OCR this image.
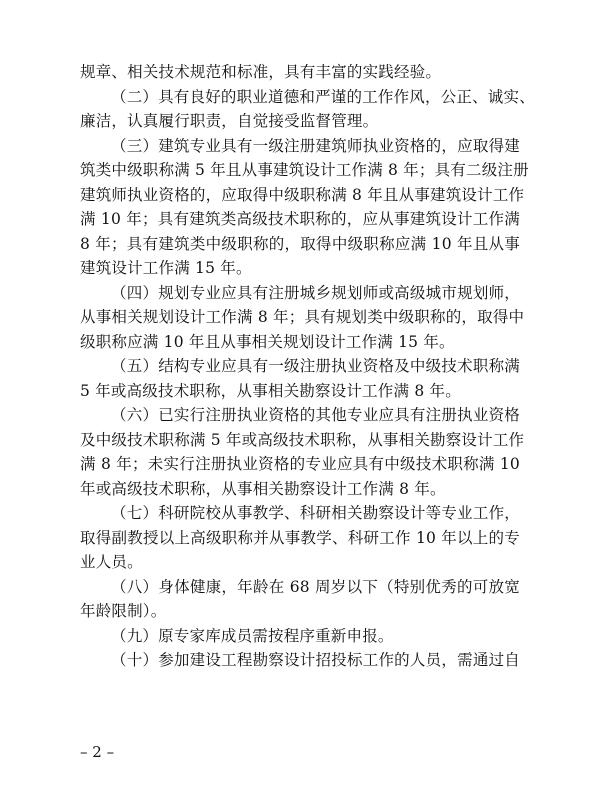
规章、相关技术规范和标准，具有丰富的实践经验。
（二）具有良好的职业道德和严谨的工作作风，公正、诚实、
廉洁，认真履行职责，自觉接受监督管理。
（三）建筑专业具有一级注册建筑师执业资格的，应取得建
筑类中级职称满 5 年且从事建筑设计工作满 8 年；具有二级注册
建筑师执业资格的，应取得中级职称满 8 年且从事建筑设计工作
满 10 年；具有建筑类高级技术职称的，应从事建筑设计工作满
8 年；具有建筑类中级职称的，取得中级职称应满 10 年且从事
建筑设计工作满 15 年。
（四）规划专业应具有注册城乡规划师或高级城市规划师，
从事相关规划设计工作满 8 年；具有规划类中级职称的，取得中
级职称应满 10 年且从事相关规划设计工作满 15 年。
（五）结构专业应具有一级注册执业资格及中级技术职称满
5 年或高级技术职称，从事相关勘察设计工作满 8 年。
（六）已实行注册执业资格的其他专业应具有注册执业资格
及中级技术职称满 5 年或高级技术职称，从事相关勘察设计工作
满 8 年；未实行注册执业资格的专业应具有中级技术职称满 10
年或高级技术职称，从事相关勘察设计工作满 8 年。
（七）科研院校从事教学、科研相关勘察设计等专业工作，
取得副教授以上高级职称并从事教学、科研工作 10 年以上的专
业人员。
（八）身体健康，年龄在 68 周岁以下（特别优秀的可放宽
年龄限制）。
（九）原专家库成员需按程序重新申报。
（十）参加建设工程勘察设计招投标工作的人员，需通过自
– 2 –
